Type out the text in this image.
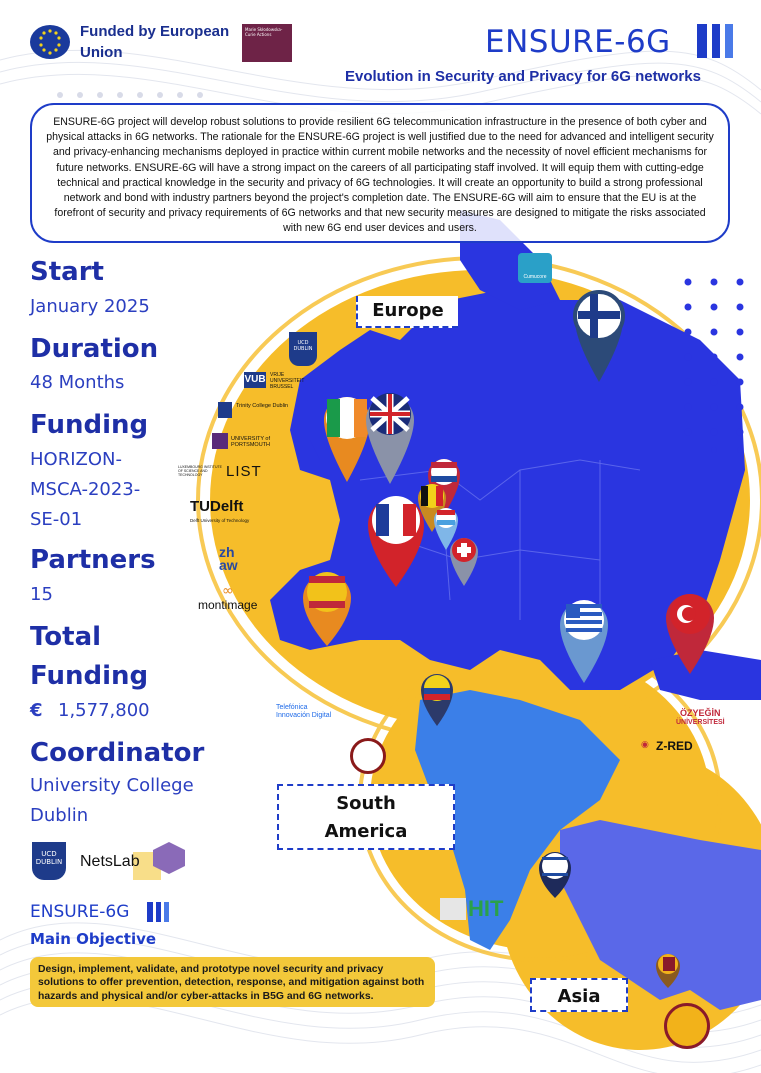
Funded by European Union
Marie Skłodowska-Curie Actions	ENSURE-6G
Evolution in Security and Privacy for 6G networks

ENSURE-6G project will develop robust solutions to provide resilient 6G telecommunication infrastructure in the presence of both cyber and physical attacks in 6G networks. The rationale for the ENSURE-6G project is well justified due to the need for advanced and intelligent security and privacy-enhancing mechanisms deployed in practice within current mobile networks and the necessity of novel efficient mechanisms for future networks. ENSURE-6G will have a strong impact on the careers of all participating staff involved. It will equip them with cutting-edge technical and practical knowledge in the security and privacy of 6G technologies. It will create an opportunity to build a strong professional network and bond with industry partners beyond the project's completion date. The ENSURE-6G will aim to ensure that the EU is at the forefront of security and privacy requirements of 6G networks and that new security measures are designed to mitigate the risks associated with new 6G end user devices and users.

Start
January 2025
Duration
48 Months
Funding
HORIZON-
MSCA-2023-
SE-01
Partners
15
Total
Funding
€ 1,577,800
Coordinator
University College
Dublin
UCD DUBLIN NetsLab
ENSURE-6G
Main Objective
Design, implement, validate, and prototype novel security and privacy solutions to offer prevention, detection, response, and mitigation against both hazards and physical and/or cyber-attacks in B5G and 6G networks.
Europe
South
America
Asia
Cumucore
UCD DUBLIN
VUB VRIJE UNIVERSITEIT BRUSSEL
Trinity College Dublin
UNIVERSITY of PORTSMOUTH
LUXEMBOURG INSTITUTE OF SCIENCE AND TECHNOLOGY	LIST
TUDelft
Delft University of Technology
zh
aw
∞
montimage
Telefónica
Innovación Digital	ÖZYEĞİN
ÜNİVERSİTESİ
◉ Z-RED
HIT
